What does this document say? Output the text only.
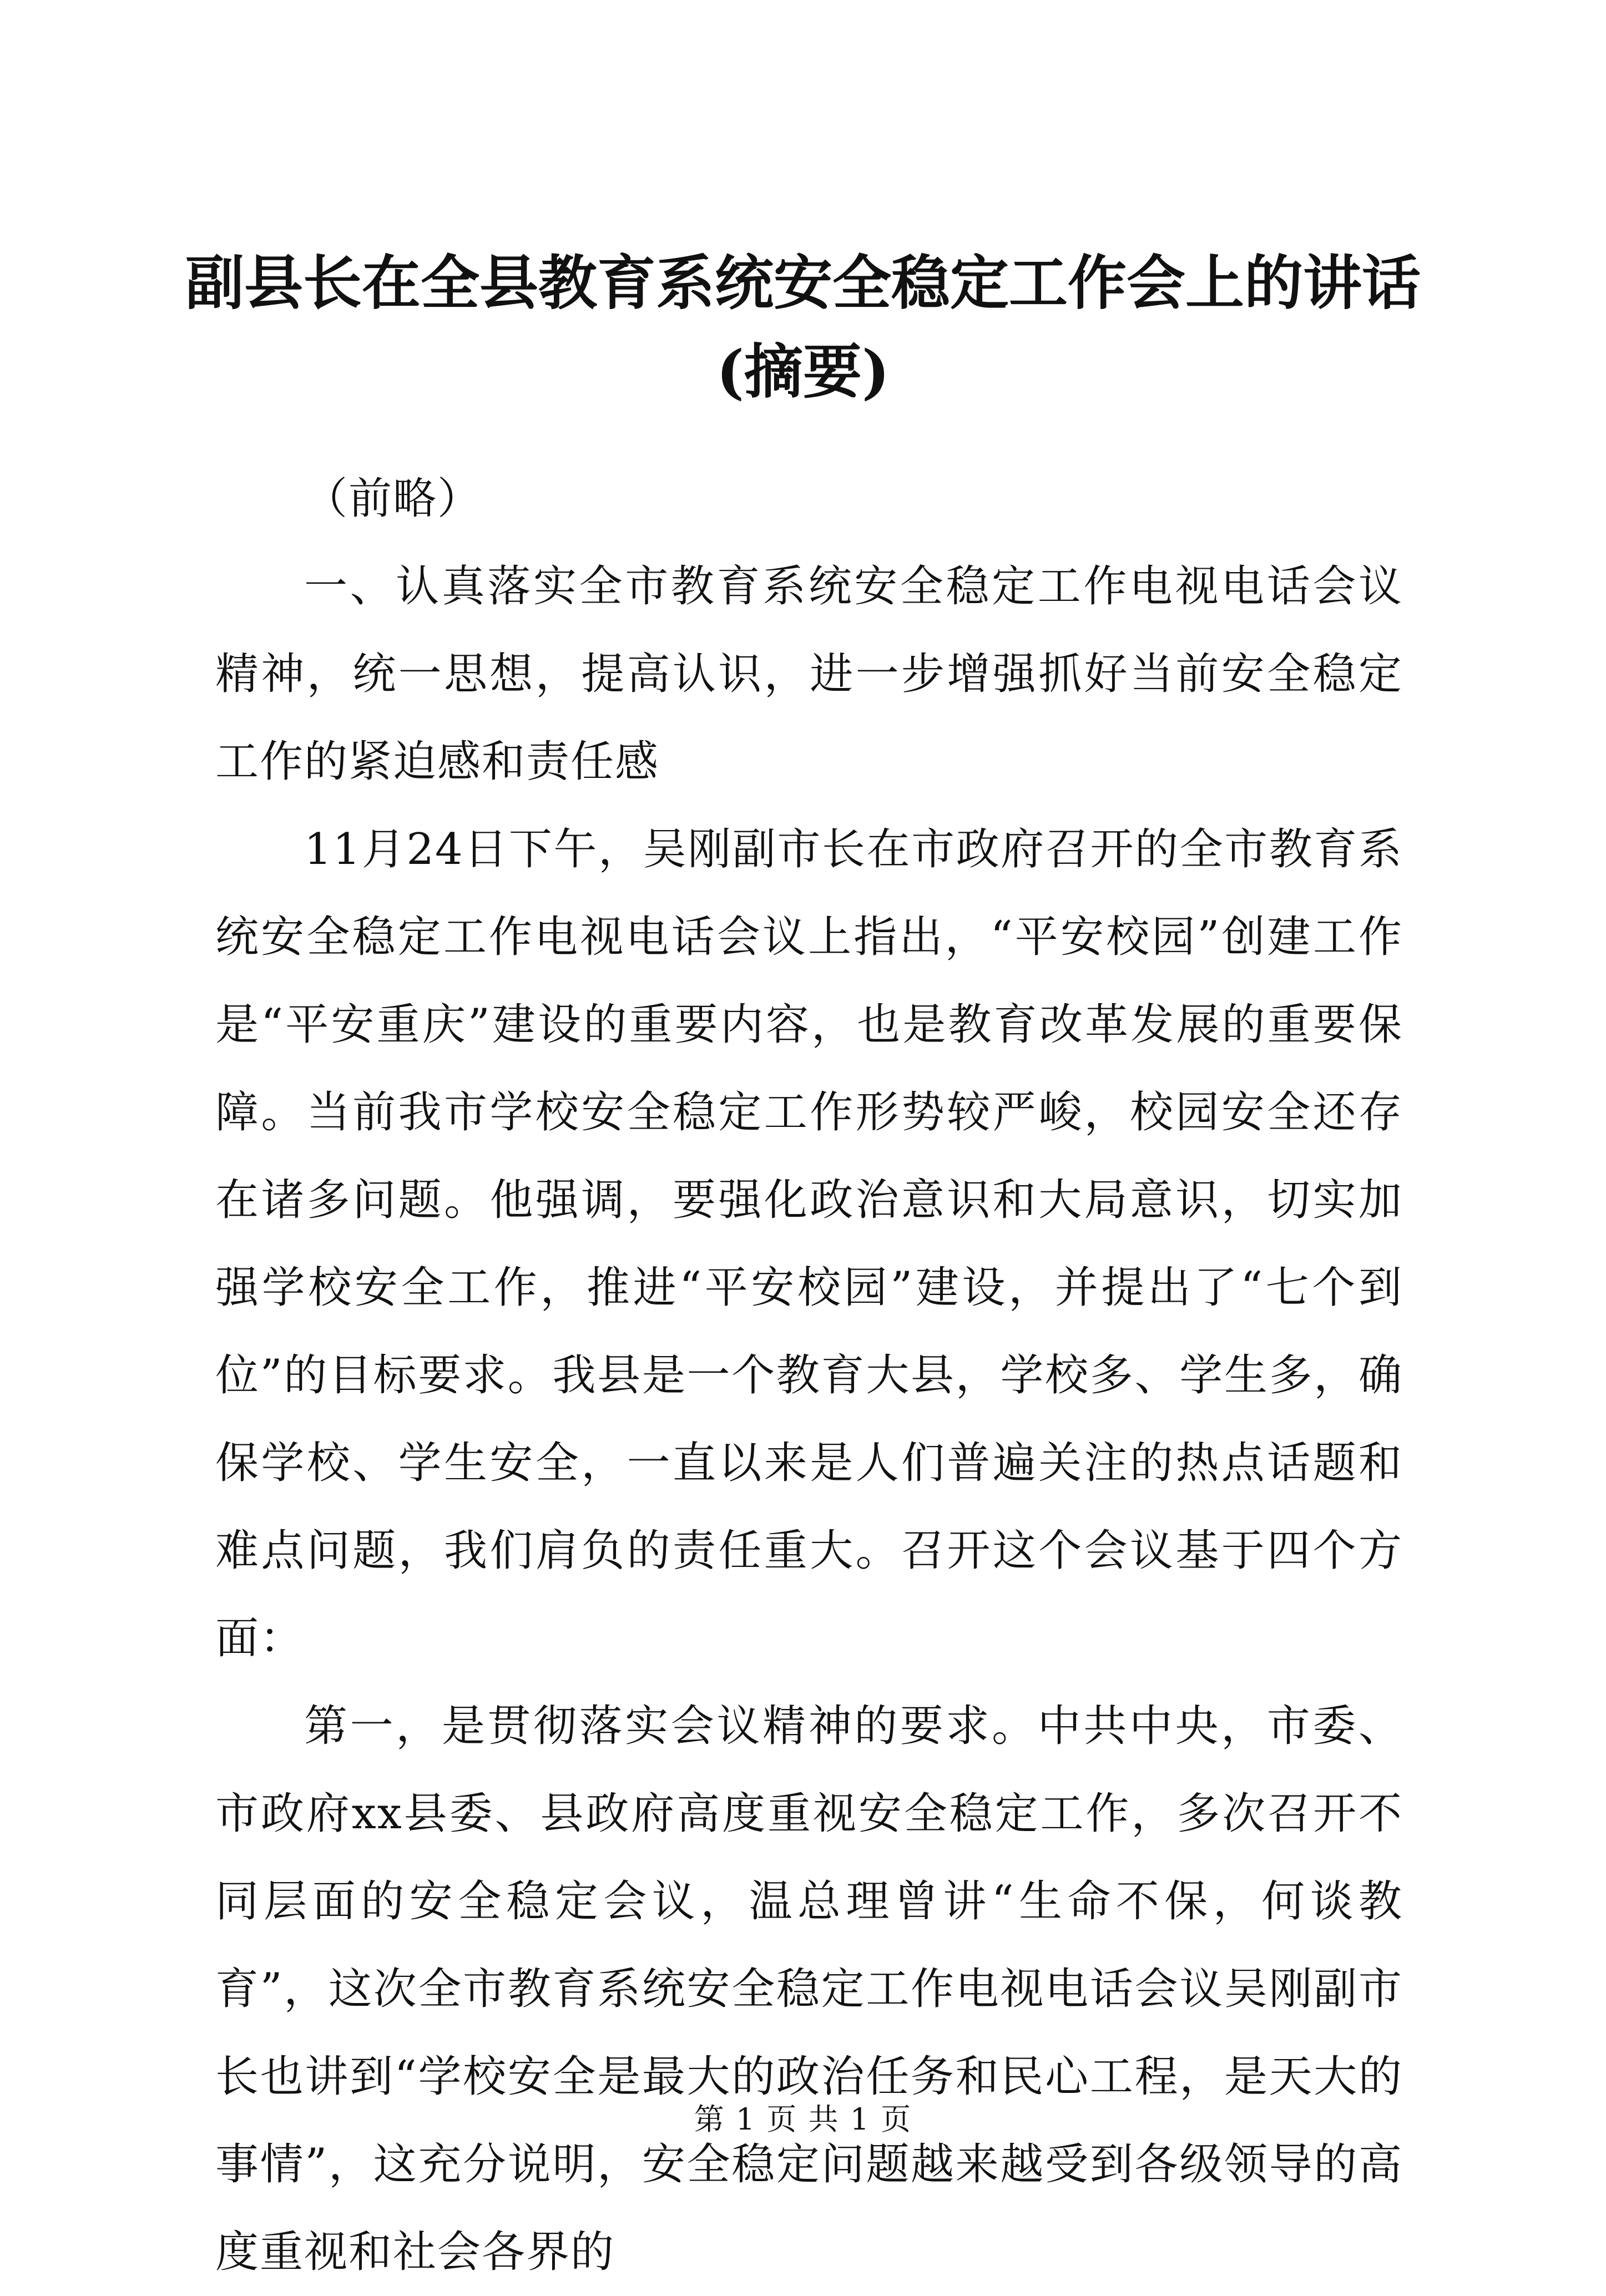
副县长在全县教育系统安全稳定工作会上的讲话(摘要)

（前略）

一、认真落实全市教育系统安全稳定工作电视电话会议精神，统一思想，提高认识，进一步增强抓好当前安全稳定工作的紧迫感和责任感

11月24日下午，吴刚副市长在市政府召开的全市教育系统安全稳定工作电视电话会议上指出，“平安校园”创建工作是“平安重庆”建设的重要内容，也是教育改革发展的重要保障。当前我市学校安全稳定工作形势较严峻，校园安全还存在诸多问题。他强调，要强化政治意识和大局意识，切实加强学校安全工作，推进“平安校园”建设，并提出了“七个到位”的目标要求。我县是一个教育大县，学校多、学生多，确保学校、学生安全，一直以来是人们普遍关注的热点话题和难点问题，我们肩负的责任重大。召开这个会议基于四个方面：

第一，是贯彻落实会议精神的要求。中共中央，市委、市政府xx县委、县政府高度重视安全稳定工作，多次召开不同层面的安全稳定会议，温总理曾讲“生命不保，何谈教育”，这次全市教育系统安全稳定工作电视电话会议吴刚副市长也讲到“学校安全是最大的政治任务和民心工程，是天大的事情”，这充分说明，安全稳定问题越来越受到各级领导的高度重视和社会各界的

第 1 页 共 1 页
